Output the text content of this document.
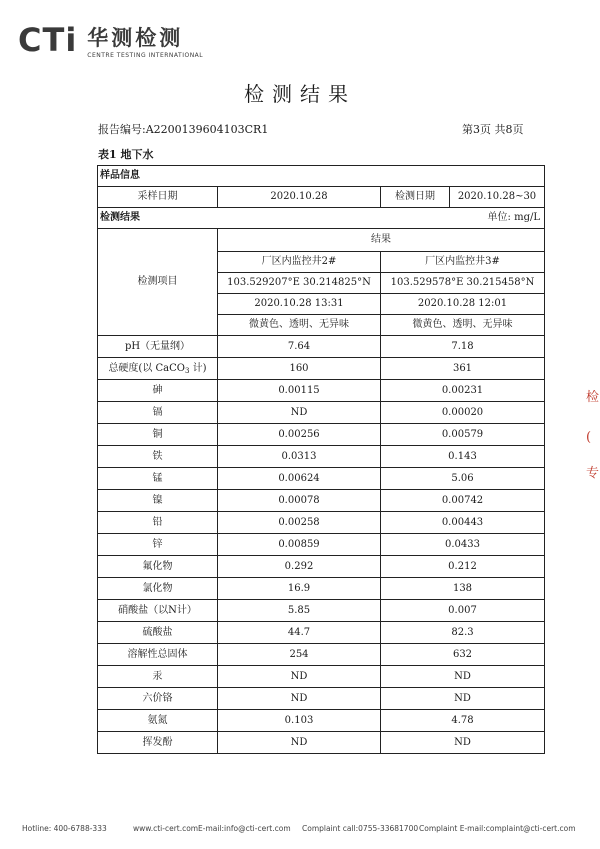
CTi 华测检测
CENTRE TESTING INTERNATIONAL
检测结果
报告编号:A2200139604103CR1	第3页 共8页
表1 地下水
样品信息
采样日期	2020.10.28		检测日期	2020.10.28~30

检测结果	单位: mg/L

检测项目	结果
厂区内监控井2#	厂区内监控井3#
103.529207°E 30.214825°N	103.529578°E 30.215458°N
2020.10.28 13:31	2020.10.28 12:01
微黄色、透明、无异味	微黄色、透明、无异味
pH（无量纲）	7.64	7.18
总硬度(以 CaCO$_3$ 计)	160	361
砷	0.00115	0.00231
镉	ND	0.00020
铜	0.00256	0.00579
铁	0.0313	0.143
锰	0.00624	5.06
镍	0.00078	0.00742
铅	0.00258	0.00443
锌	0.00859	0.0433
氟化物	0.292	0.212
氯化物	16.9	138
硝酸盐（以N计）	5.85	0.007
硫酸盐	44.7	82.3
溶解性总固体	254	632
汞	ND	ND
六价铬	ND	ND
氨氮	0.103	4.78
挥发酚	ND	ND
检
(
专
Hotline: 400-6788-333	www.cti-cert.com E-mail:info@cti-cert.com Complaint call:0755-33681700 Complaint E-mail:complaint@cti-cert.com
